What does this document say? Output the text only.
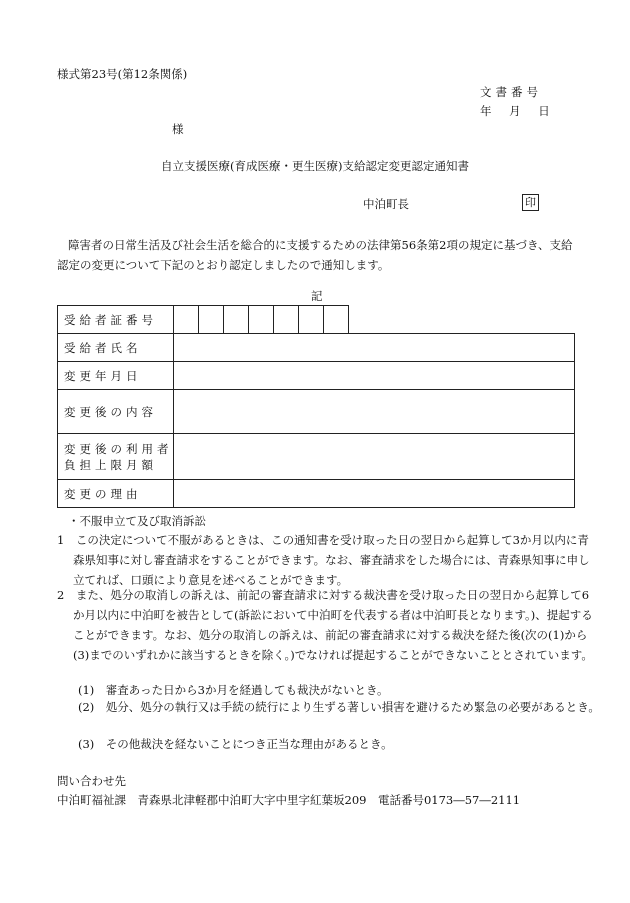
様式第23号(第12条関係)
文書番号
年 月 日
様
自立支援医療(育成医療・更生医療)支給認定変更認定通知書
中泊町長	印
障害者の日常生活及び社会生活を総合的に支援するための法律第56条第2項の規定に基づき、支給認定の変更について下記のとおり認定しましたので通知します。
記
受給者証番号								
受給者氏名								
変更年月日								
変更後の内容								

変更後の利用者
負担上限月額								

変更の理由								
・不服申立て及び取消訴訟
1　この決定について不服があるときは、この通知書を受け取った日の翌日から起算して3か月以内に青森県知事に対し審査請求をすることができます。なお、審査請求をした場合には、青森県知事に申し立てれば、口頭により意見を述べることができます。
2　また、処分の取消しの訴えは、前記の審査請求に対する裁決書を受け取った日の翌日から起算して6か月以内に中泊町を被告として(訴訟において中泊町を代表する者は中泊町長となります。)、提起することができます。なお、処分の取消しの訴えは、前記の審査請求に対する裁決を経た後(次の(1)から(3)までのいずれかに該当するときを除く。)でなければ提起することができないこととされています。
(1)　審査あった日から3か月を経過しても裁決がないとき。
(2)　処分、処分の執行又は手続の続行により生ずる著しい損害を避けるため緊急の必要があるとき。
(3)　その他裁決を経ないことにつき正当な理由があるとき。
問い合わせ先
中泊町福祉課　青森県北津軽郡中泊町大字中里字紅葉坂209　電話番号0173―57―2111
